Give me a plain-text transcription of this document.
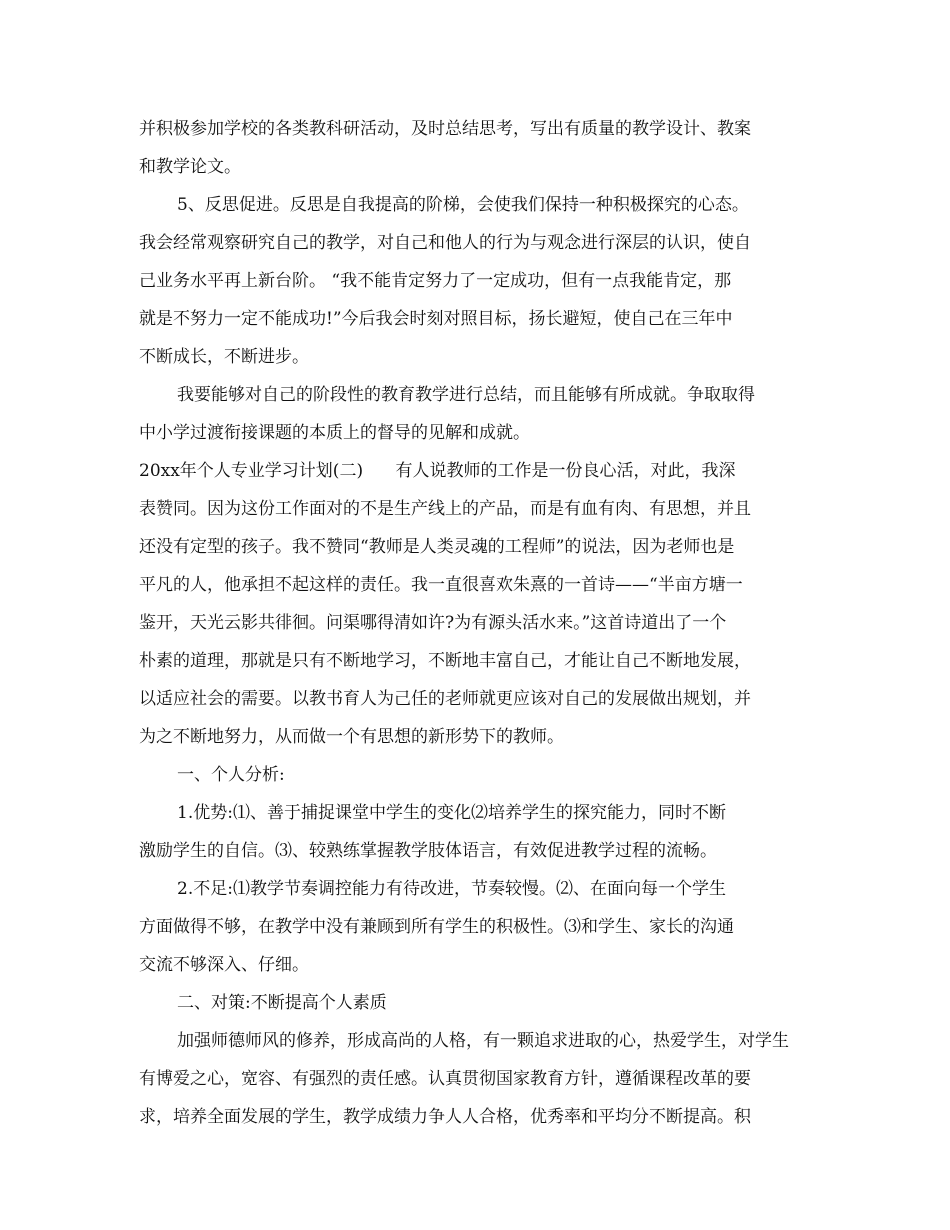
并积极参加学校的各类教科研活动，及时总结思考，写出有质量的教学设计、教案
和教学论文。
5、反思促进。反思是自我提高的阶梯，会使我们保持一种积极探究的心态。
我会经常观察研究自己的教学，对自己和他人的行为与观念进行深层的认识，使自
己业务水平再上新台阶。 “我不能肯定努力了一定成功，但有一点我能肯定，那
就是不努力一定不能成功!”今后我会时刻对照目标，扬长避短，使自己在三年中
不断成长，不断进步。
我要能够对自己的阶段性的教育教学进行总结，而且能够有所成就。争取取得
中小学过渡衔接课题的本质上的督导的见解和成就。
20xx年个人专业学习计划(二)      有人说教师的工作是一份良心活，对此，我深
表赞同。因为这份工作面对的不是生产线上的产品，而是有血有肉、有思想，并且
还没有定型的孩子。我不赞同“教师是人类灵魂的工程师”的说法，因为老师也是
平凡的人，他承担不起这样的责任。我一直很喜欢朱熹的一首诗——“半亩方塘一
鉴开，天光云影共徘徊。问渠哪得清如许?为有源头活水来。”这首诗道出了一个
朴素的道理，那就是只有不断地学习，不断地丰富自己，才能让自己不断地发展，
以适应社会的需要。以教书育人为己任的老师就更应该对自己的发展做出规划，并
为之不断地努力，从而做一个有思想的新形势下的教师。
一、个人分析:
1.优势:⑴、善于捕捉课堂中学生的变化⑵培养学生的探究能力，同时不断
激励学生的自信。⑶、较熟练掌握教学肢体语言，有效促进教学过程的流畅。
2.不足:⑴教学节奏调控能力有待改进，节奏较慢。⑵、在面向每一个学生
方面做得不够，在教学中没有兼顾到所有学生的积极性。⑶和学生、家长的沟通
交流不够深入、仔细。
二、对策:不断提高个人素质
加强师德师风的修养，形成高尚的人格，有一颗追求进取的心，热爱学生，对学生
有博爱之心，宽容、有强烈的责任感。认真贯彻国家教育方针，遵循课程改革的要
求，培养全面发展的学生，教学成绩力争人人合格，优秀率和平均分不断提高。积
